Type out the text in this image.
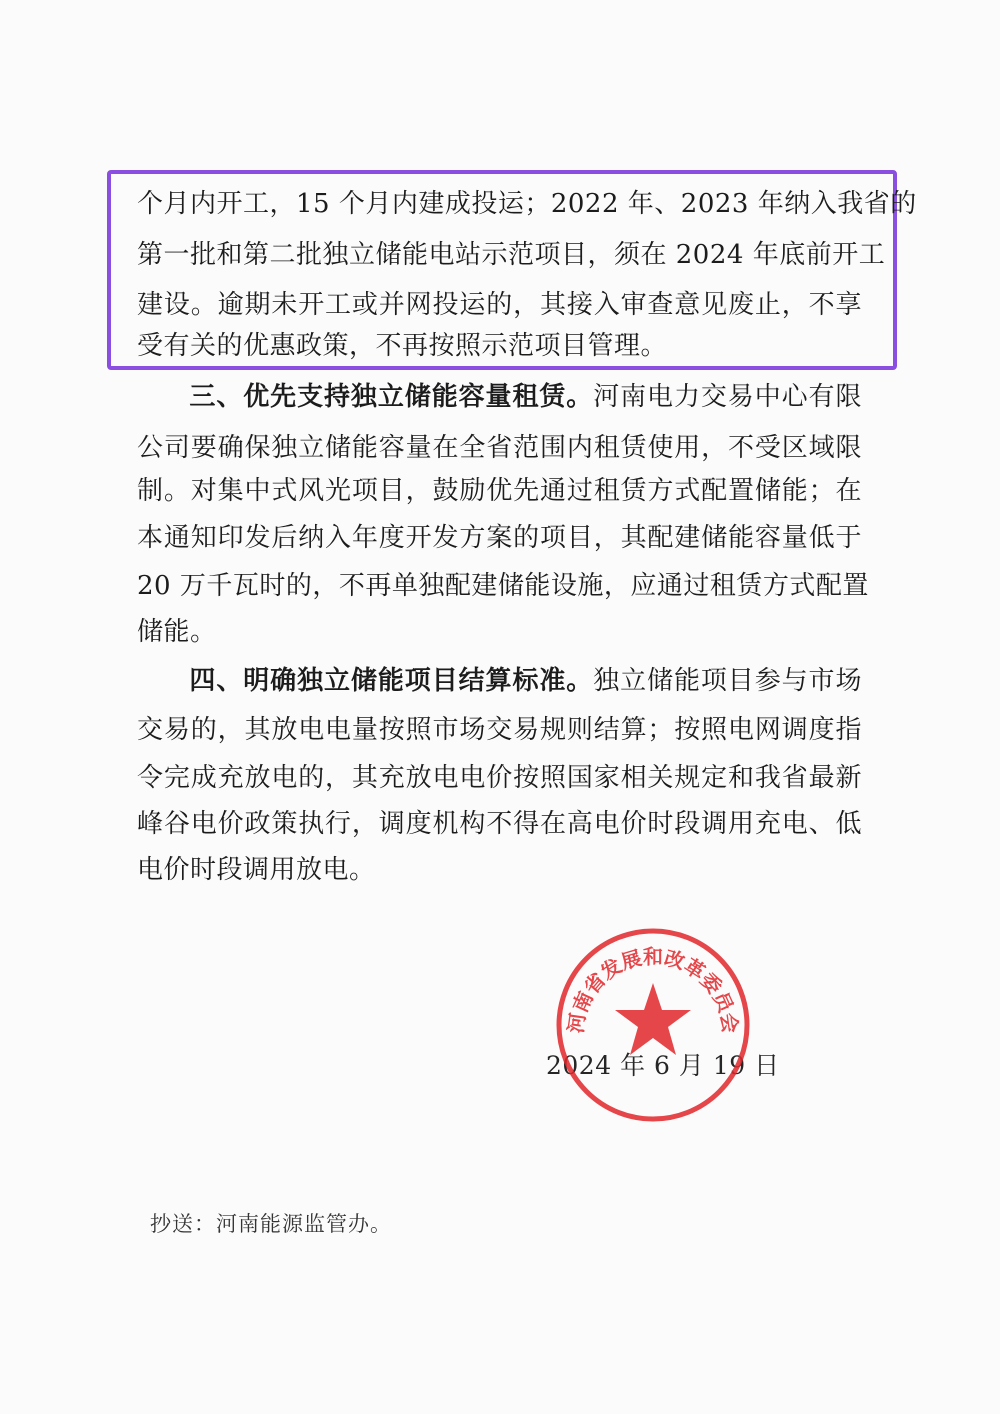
个月内开工，15 个月内建成投运；2022 年、2023 年纳入我省的
第一批和第二批独立储能电站示范项目，须在 2024 年底前开工
建设。逾期未开工或并网投运的，其接入审查意见废止，不享
受有关的优惠政策，不再按照示范项目管理。
三、优先支持独立储能容量租赁。河南电力交易中心有限
公司要确保独立储能容量在全省范围内租赁使用，不受区域限
制。对集中式风光项目，鼓励优先通过租赁方式配置储能；在
本通知印发后纳入年度开发方案的项目，其配建储能容量低于
20 万千瓦时的，不再单独配建储能设施，应通过租赁方式配置
储能。
四、明确独立储能项目结算标准。独立储能项目参与市场
交易的，其放电电量按照市场交易规则结算；按照电网调度指
令完成充放电的，其充放电电价按照国家相关规定和我省最新
峰谷电价政策执行，调度机构不得在高电价时段调用充电、低
电价时段调用放电。
2024 年 6 月 19 日
河南省发展和改革委员会
抄送：河南能源监管办。
